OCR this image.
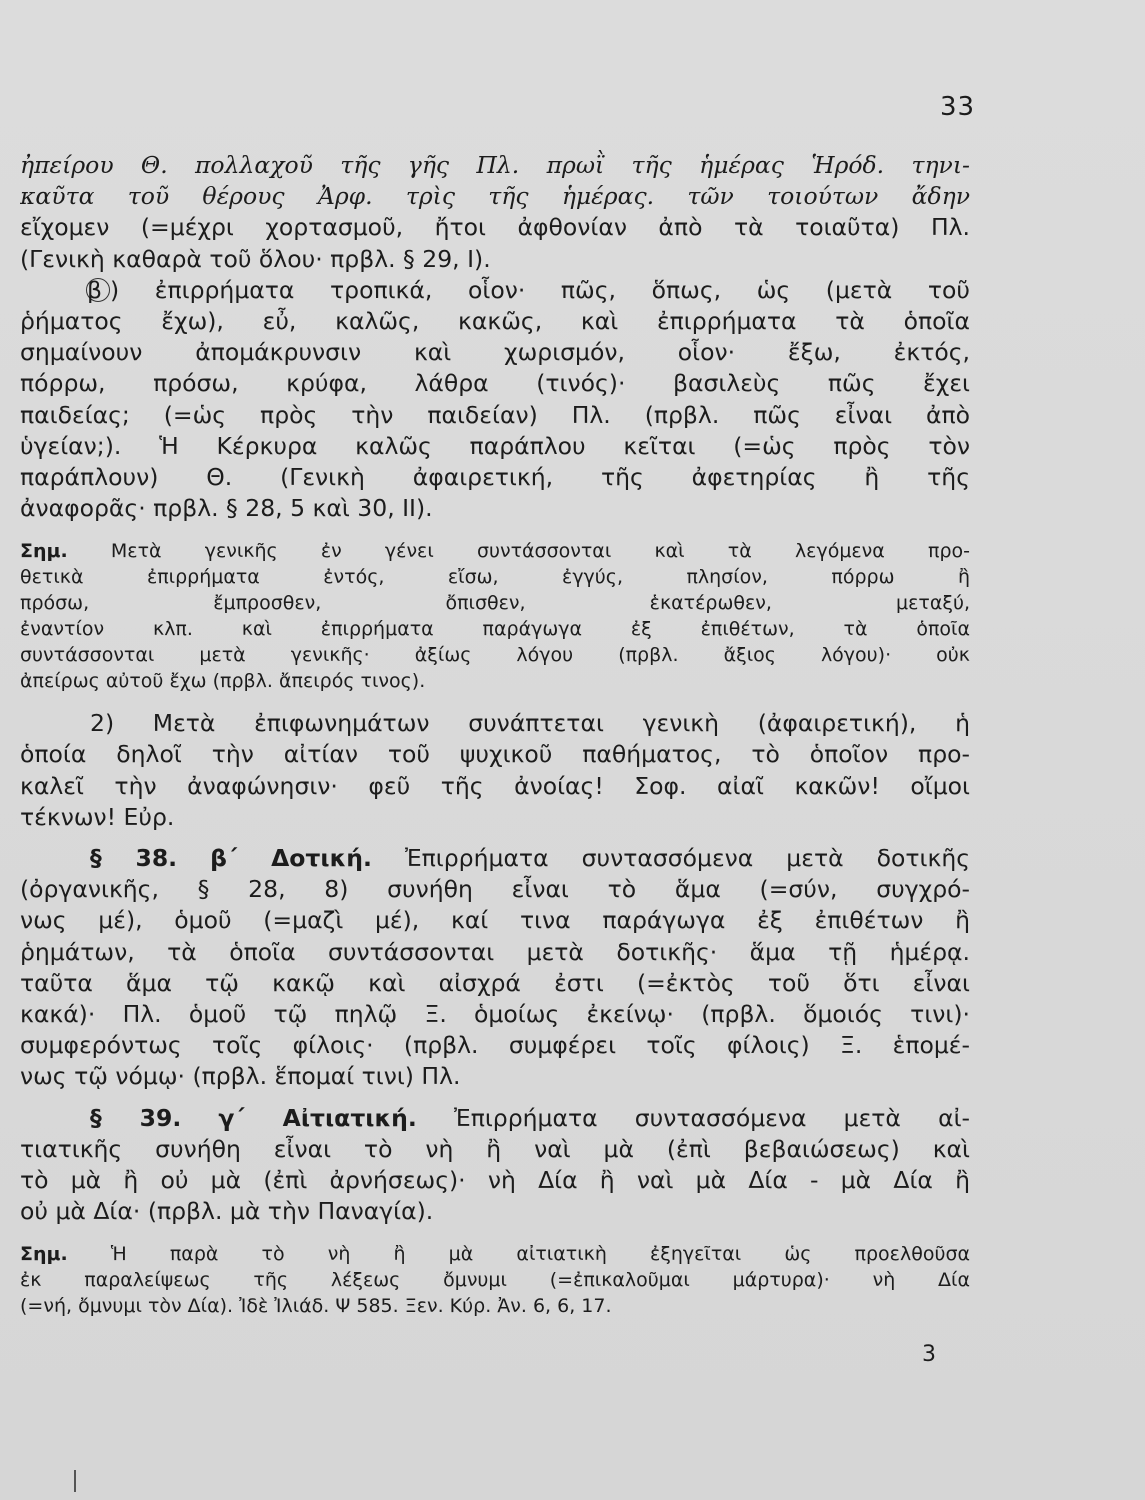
33
ἠπείρου Θ. πολλαχοῦ τῆς γῆς Πλ. πρωῒ τῆς ἡμέρας Ἡρόδ. τηνι-
καῦτα τοῦ θέρους Ἀρφ. τρὶς τῆς ἡμέρας. τῶν τοιούτων ἄδην
εἴχομεν (=μέχρι χορτασμοῦ, ἤτοι ἀφθονίαν ἀπὸ τὰ τοιαῦτα) Πλ.
(Γενικὴ καθαρὰ τοῦ ὅλου· πρβλ. § 29, I).
β ) ἐπιρρήματα τροπικά, οἷον· πῶς, ὅπως, ὡς (μετὰ τοῦ
ῥήματος ἔχω), εὖ, καλῶς, κακῶς, καὶ ἐπιρρήματα τὰ ὁποῖα
σημαίνουν ἀπομάκρυνσιν καὶ χωρισμόν, οἷον· ἔξω, ἐκτός,
πόρρω, πρόσω, κρύφα, λάθρα (τινός)· βασιλεὺς πῶς ἔχει
παιδείας; (=ὡς πρὸς τὴν παιδείαν) Πλ. (πρβλ. πῶς εἶναι ἀπὸ
ὑγείαν;). Ἡ Κέρκυρα καλῶς παράπλου κεῖται (=ὡς πρὸς τὸν
παράπλουν) Θ. (Γενικὴ ἀφαιρετική, τῆς ἀφετηρίας ἢ τῆς
ἀναφορᾶς· πρβλ. § 28, 5 καὶ 30, II).
Σημ. Μετὰ γενικῆς ἐν γένει συντάσσονται καὶ τὰ λεγόμενα προ-
θετικὰ ἐπιρρήματα ἐντός, εἴσω, ἐγγύς, πλησίον, πόρρω ἢ
πρόσω, ἔμπροσθεν, ὄπισθεν, ἑκατέρωθεν, μεταξύ,
ἐναντίον κλπ. καὶ ἐπιρρήματα παράγωγα ἐξ ἐπιθέτων, τὰ ὁποῖα
συντάσσονται μετὰ γενικῆς· ἀξίως λόγου (πρβλ. ἄξιος λόγου)· οὐκ
ἀπείρως αὐτοῦ ἔχω (πρβλ. ἄπειρός τινος).
2) Μετὰ ἐπιφωνημάτων συνάπτεται γενικὴ (ἀφαιρετική), ἡ
ὁποία δηλοῖ τὴν αἰτίαν τοῦ ψυχικοῦ παθήματος, τὸ ὁποῖον προ-
καλεῖ τὴν ἀναφώνησιν· φεῦ τῆς ἀνοίας! Σοφ. αἰαῖ κακῶν! οἴμοι
τέκνων! Εὐρ.
§ 38. β΄ Δοτική. Ἐπιρρήματα συντασσόμενα μετὰ δοτικῆς
(ὀργανικῆς, § 28, 8) συνήθη εἶναι τὸ ἅμα (=σύν, συγχρό-
νως μέ), ὁμοῦ (=μαζὶ μέ), καί τινα παράγωγα ἐξ ἐπιθέτων ἢ
ῥημάτων, τὰ ὁποῖα συντάσσονται μετὰ δοτικῆς· ἅμα τῇ ἡμέρᾳ.
ταῦτα ἅμα τῷ κακῷ καὶ αἰσχρά ἐστι (=ἐκτὸς τοῦ ὅτι εἶναι
κακά)· Πλ. ὁμοῦ τῷ πηλῷ Ξ. ὁμοίως ἐκείνῳ· (πρβλ. ὅμοιός τινι)·
συμφερόντως τοῖς φίλοις· (πρβλ. συμφέρει τοῖς φίλοις) Ξ. ἑπομέ-
νως τῷ νόμῳ· (πρβλ. ἕπομαί τινι) Πλ.
§ 39. γ΄ Αἰτιατική. Ἐπιρρήματα συντασσόμενα μετὰ αἰ-
τιατικῆς συνήθη εἶναι τὸ νὴ ἢ ναὶ μὰ (ἐπὶ βεβαιώσεως) καὶ
τὸ μὰ ἢ οὐ μὰ (ἐπὶ ἀρνήσεως)· νὴ Δία ἢ ναὶ μὰ Δία - μὰ Δία ἢ
οὐ μὰ Δία· (πρβλ. μὰ τὴν Παναγία).
Σημ. Ἡ παρὰ τὸ νὴ ἢ μὰ αἰτιατικὴ ἐξηγεῖται ὡς προελθοῦσα
ἐκ παραλείψεως τῆς λέξεως ὄμνυμι (=ἐπικαλοῦμαι μάρτυρα)· νὴ Δία
(=νή, ὄμνυμι τὸν Δία). Ἰδὲ Ἰλιάδ. Ψ 585. Ξεν. Κύρ. Ἀν. 6, 6, 17.
3
